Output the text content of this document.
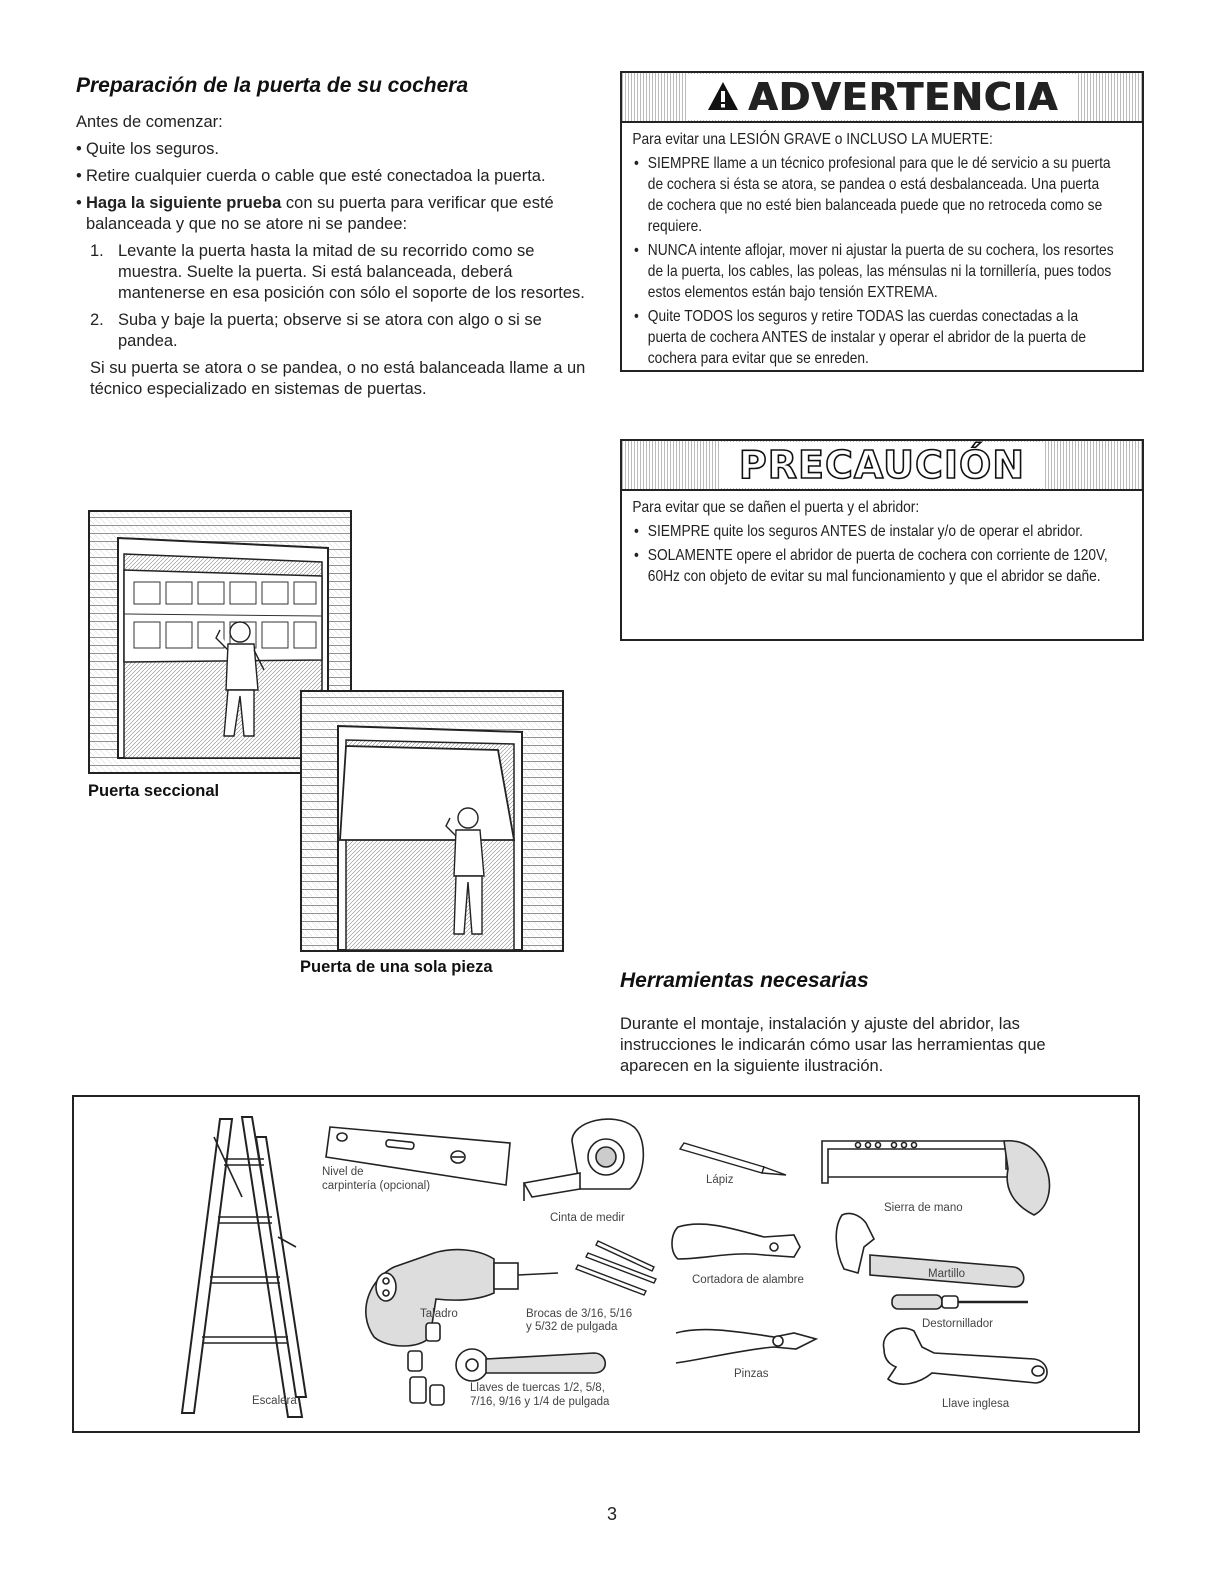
Preparación de la puerta de su cochera

Antes de comenzar:

• Quite los seguros.
• Retire cualquier cuerda o cable que esté conectadoa la puerta.
• Haga la siguiente prueba con su puerta para verificar que esté balanceada y que no se atore ni se pandee:
1. Levante la puerta hasta la mitad de su recorrido como se muestra. Suelte la puerta. Si está balanceada, deberá mantenerse en esa posición con sólo el soporte de los resortes.
2. Suba y baje la puerta; observe si se atora con algo o si se pandea.

Si su puerta se atora o se pandea, o no está balanceada llame a un técnico especializado en sistemas de puertas.

ADVERTENCIA

Para evitar una LESIÓN GRAVE o INCLUSO LA MUERTE:

• SIEMPRE llame a un técnico profesional para que le dé servicio a su puerta de cochera si ésta se atora, se pandea o está desbalanceada. Una puerta de cochera que no esté bien balanceada puede que no retroceda como se requiere.
• NUNCA intente aflojar, mover ni ajustar la puerta de su cochera, los resortes de la puerta, los cables, las poleas, las ménsulas ni la tornillería, pues todos estos elementos están bajo tensión EXTREMA.
• Quite TODOS los seguros y retire TODAS las cuerdas conectadas a la puerta de cochera ANTES de instalar y operar el abridor de la puerta de cochera para evitar que se enreden.
PRECAUCIÓN

Para evitar que se dañen el puerta y el abridor:

• SIEMPRE quite los seguros ANTES de instalar y/o de operar el abridor.
• SOLAMENTE opere el abridor de puerta de cochera con corriente de 120V, 60Hz con objeto de evitar su mal funcionamiento y que el abridor se dañe.
Puerta seccional
Puerta de una sola pieza
Herramientas necesarias

Durante el montaje, instalación y ajuste del abridor, las instrucciones le indicarán cómo usar las herramientas que aparecen en la siguiente ilustración.

Escalera
Nivel de
carpintería (opcional)
Cinta de medir
Taladro	Brocas de 3/16, 5/16
y 5/32 de pulgada
Llaves de tuercas 1/2, 5/8,
7/16, 9/16 y 1/4 de pulgada
Lápiz
Cortadora de alambre
Pinzas
Sierra de mano
Martillo
Destornillador
Llave inglesa
3
